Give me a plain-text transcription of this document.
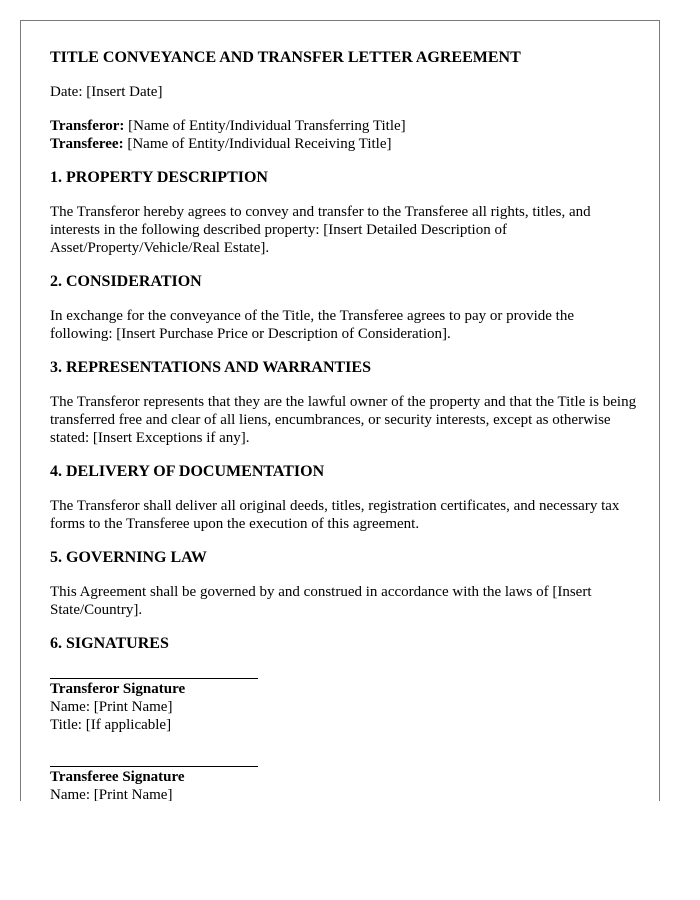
TITLE CONVEYANCE AND TRANSFER LETTER AGREEMENT
Date: [Insert Date]
Transferor: [Name of Entity/Individual Transferring Title]
Transferee: [Name of Entity/Individual Receiving Title]
1. PROPERTY DESCRIPTION
The Transferor hereby agrees to convey and transfer to the Transferee all rights, titles, and interests in the following described property: [Insert Detailed Description of Asset/Property/Vehicle/Real Estate].
2. CONSIDERATION
In exchange for the conveyance of the Title, the Transferee agrees to pay or provide the following: [Insert Purchase Price or Description of Consideration].
3. REPRESENTATIONS AND WARRANTIES
The Transferor represents that they are the lawful owner of the property and that the Title is being transferred free and clear of all liens, encumbrances, or security interests, except as otherwise stated: [Insert Exceptions if any].
4. DELIVERY OF DOCUMENTATION
The Transferor shall deliver all original deeds, titles, registration certificates, and necessary tax forms to the Transferee upon the execution of this agreement.
5. GOVERNING LAW
This Agreement shall be governed by and construed in accordance with the laws of [Insert State/Country].
6. SIGNATURES
Transferor Signature
Name: [Print Name]
Title: [If applicable]
Transferee Signature
Name: [Print Name]
